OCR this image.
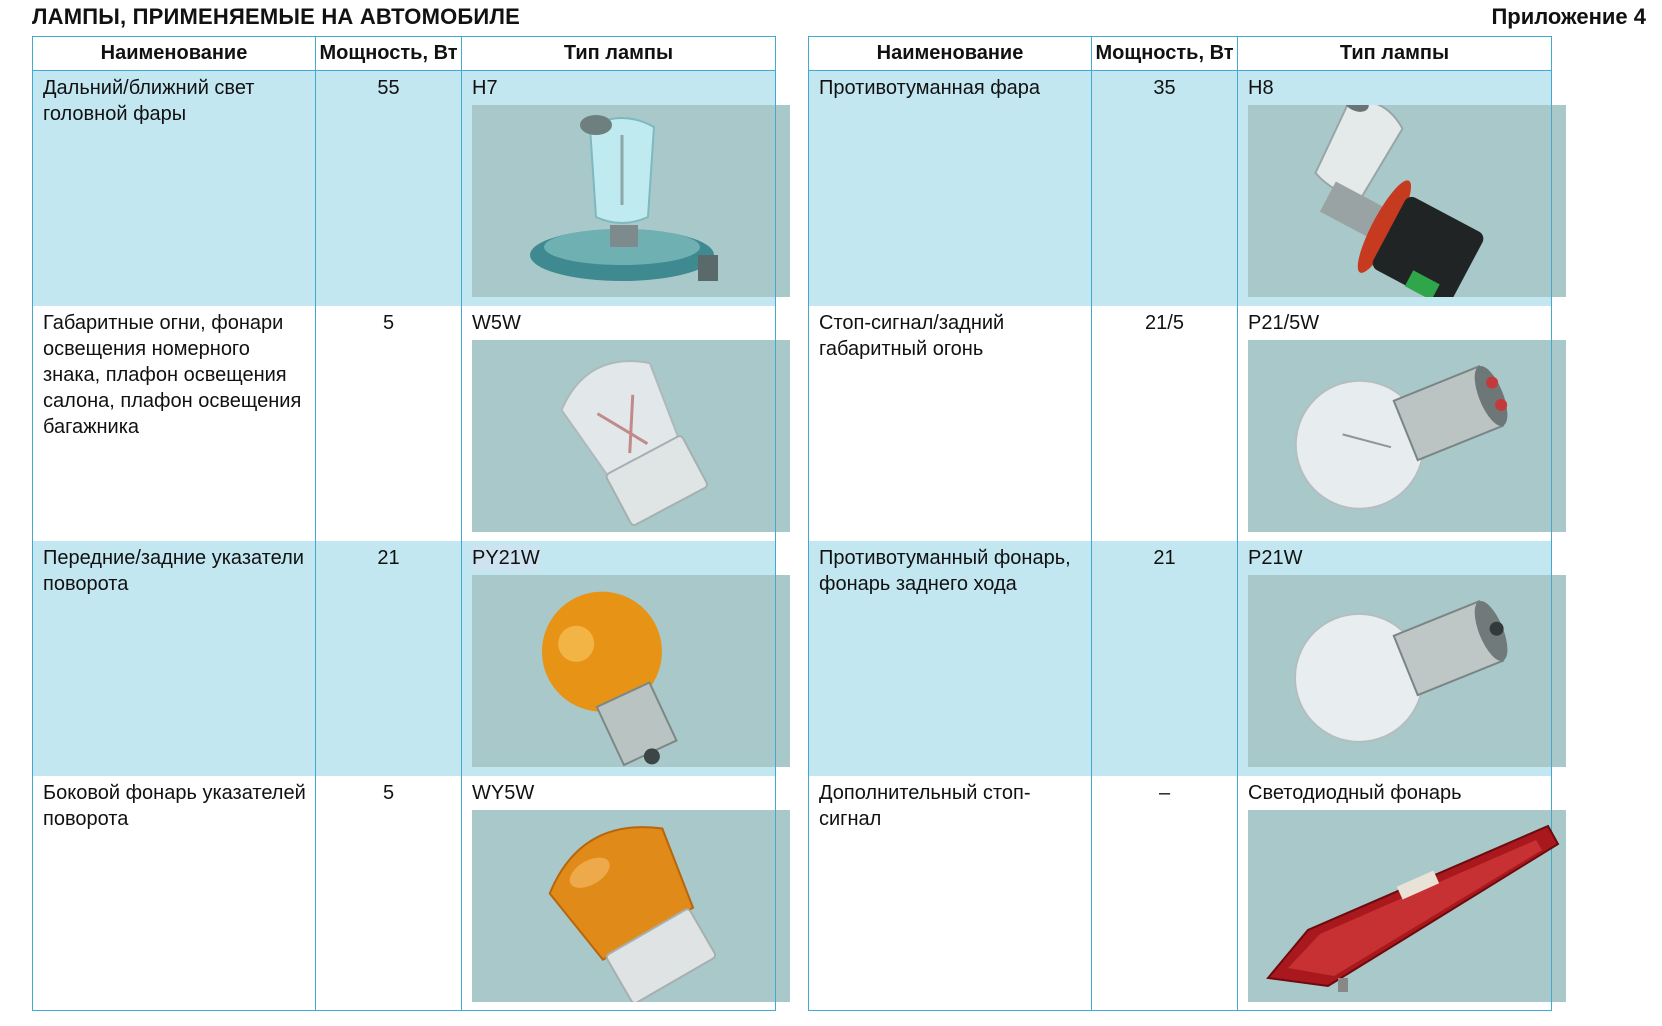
ЛАМПЫ, ПРИМЕНЯЕМЫЕ НА АВТОМОБИЛЕ	Приложение 4
Наименование	Мощность, Вт	Тип лампы
Дальний/ближний свет головной фары	55	H7

Габаритные огни, фонари освещения номерного знака, плафон освещения салона, плафон освещения багажника	5	W5W

Передние/задние указатели поворота	21	PY21W

Боковой фонарь указателей поворота	5	WY5W
Наименование	Мощность, Вт	Тип лампы
Противотуманная фара	35	H8

Стоп-сигнал/задний габаритный огонь	21/5	P21/5W

Противотуманный фонарь, фонарь заднего хода	21	P21W

Дополнительный стоп-сигнал	–	Светодиодный фонарь
